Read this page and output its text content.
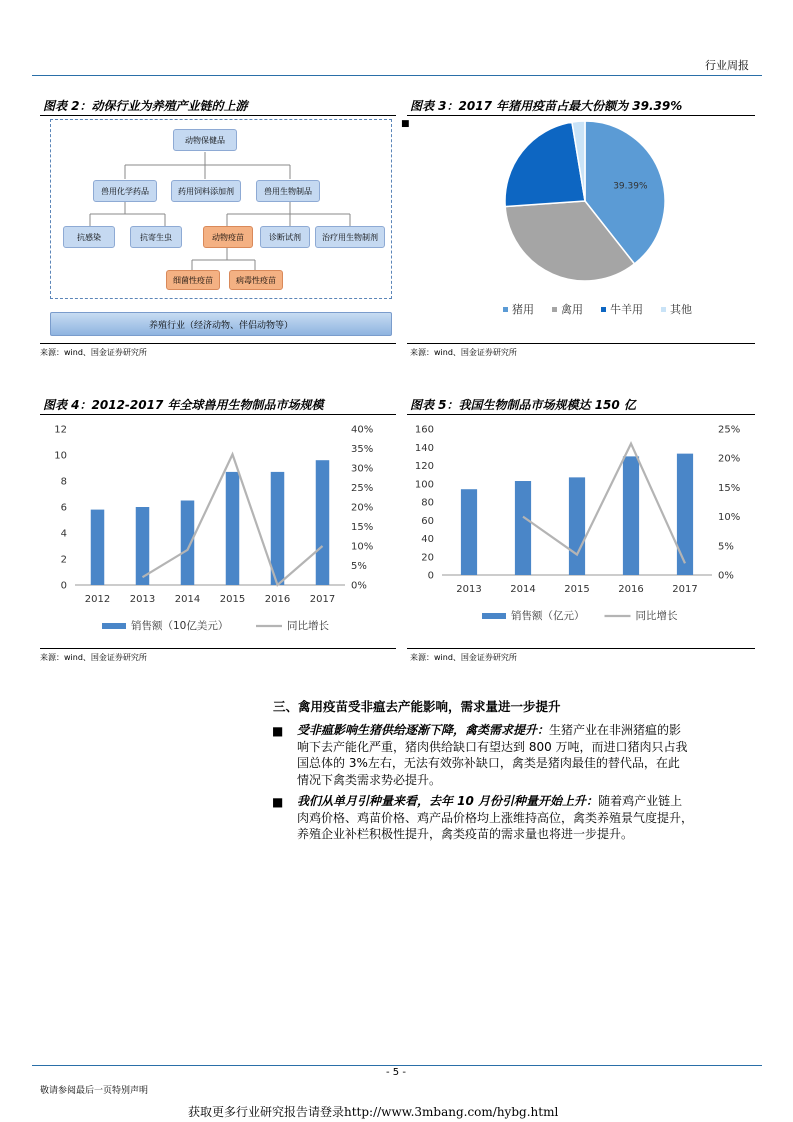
行业周报
图表 2：动保行业为养殖产业链的上游
动物保健品
兽用化学药品	药用饲料添加剂	兽用生物制品
抗感染	抗寄生虫	动物疫苗	诊断试剂	治疗用生物制剂
细菌性疫苗	病毒性疫苗
养殖行业（经济动物、伴侣动物等）
来源：wind、国金证券研究所
图表 3：2017 年猪用疫苗占最大份额为 39.39%
■
39.39%
猪用 禽用 牛羊用 其他
来源：wind、国金证券研究所
图表 4：2012-2017 年全球兽用生物制品市场规模
0
2
4
6
8
10
12
0%
5%
10%
15%
20%
25%
30%
35%
40%
2012 2013 2014 2015 2016 2017
销售额（10亿美元）	同比增长
来源：wind、国金证券研究所
图表 5：我国生物制品市场规模达 150 亿
0
20
40
60
80
100
120
140
160
0%
5%
10%
15%
20%
25%
2013	2014	2015	2016	2017
销售额（亿元）	同比增长
来源：wind、国金证券研究所
三、禽用疫苗受非瘟去产能影响，需求量进一步提升
■ 受非瘟影响生猪供给逐渐下降，禽类需求提升：生猪产业在非洲猪瘟的影
响下去产能化严重，猪肉供给缺口有望达到 800 万吨，而进口猪肉只占我
国总体的 3%左右，无法有效弥补缺口，禽类是猪肉最佳的替代品，在此
情况下禽类需求势必提升。
■ 我们从单月引种量来看，去年 10 月份引种量开始上升：随着鸡产业链上
肉鸡价格、鸡苗价格、鸡产品价格均上涨维持高位，禽类养殖景气度提升，
养殖企业补栏积极性提升，禽类疫苗的需求量也将进一步提升。
- 5 -
敬请参阅最后一页特别声明
获取更多行业研究报告请登录http://www.3mbang.com/hybg.html
